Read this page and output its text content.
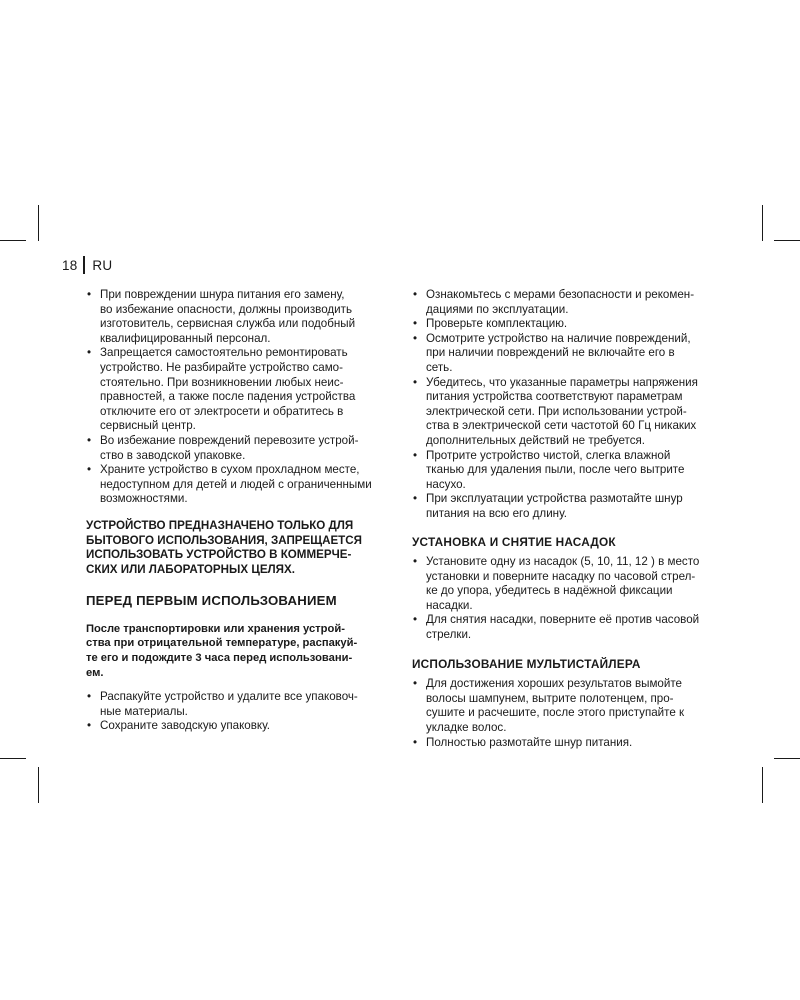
18	RU
• При повреждении шнура питания его замену,
во избежание опасности, должны производить
изготовитель, сервисная служба или подобный
квалифицированный персонал.
• Запрещается самостоятельно ремонтировать
устройство. Не разбирайте устройство само-
стоятельно. При возникновении любых неис-
правностей, а также после падения устройства
отключите его от электросети и обратитесь в
сервисный центр.
• Во избежание повреждений перевозите устрой-
ство в заводской упаковке.
• Храните устройство в сухом прохладном месте,
недоступном для детей и людей с ограниченными
возможностями.
УСТРОЙСТВО ПРЕДНАЗНАЧЕНО ТОЛЬКО ДЛЯ
БЫТОВОГО ИСПОЛЬЗОВАНИЯ, ЗАПРЕЩАЕТСЯ
ИСПОЛЬЗОВАТЬ УСТРОЙСТВО В КОММЕРЧЕ-
СКИХ ИЛИ ЛАБОРАТОРНЫХ ЦЕЛЯХ.
ПЕРЕД ПЕРВЫМ ИСПОЛЬЗОВАНИЕМ
После транспортировки или хранения устрой-
ства при отрицательной температуре, распакуй-
те его и подождите 3 часа перед использовани-
ем.
• Распакуйте устройство и удалите все упаковоч-
ные материалы.
• Сохраните заводскую упаковку.
• Ознакомьтесь с мерами безопасности и рекомен-
дациями по эксплуатации.
• Проверьте комплектацию.
• Осмотрите устройство на наличие повреждений,
при наличии повреждений не включайте его в
сеть.
• Убедитесь, что указанные параметры напряжения
питания устройства соответствуют параметрам
электрической сети. При использовании устрой-
ства в электрической сети частотой 60 Гц никаких
дополнительных действий не требуется.
• Протрите устройство чистой, слегка влажной
тканью для удаления пыли, после чего вытрите
насухо.
• При эксплуатации устройства размотайте шнур
питания на всю его длину.
УСТАНОВКА И СНЯТИЕ НАСАДОК
• Установите одну из насадок (5, 10, 11, 12 ) в место
установки и поверните насадку по часовой стрел-
ке до упора, убедитесь в надёжной фиксации
насадки.
• Для снятия насадки, поверните её против часовой
стрелки.
ИСПОЛЬЗОВАНИЕ МУЛЬТИСТАЙЛЕРА
• Для достижения хороших результатов вымойте
волосы шампунем, вытрите полотенцем, про-
сушите и расчешите, после этого приступайте к
укладке волос.
• Полностью размотайте шнур питания.
